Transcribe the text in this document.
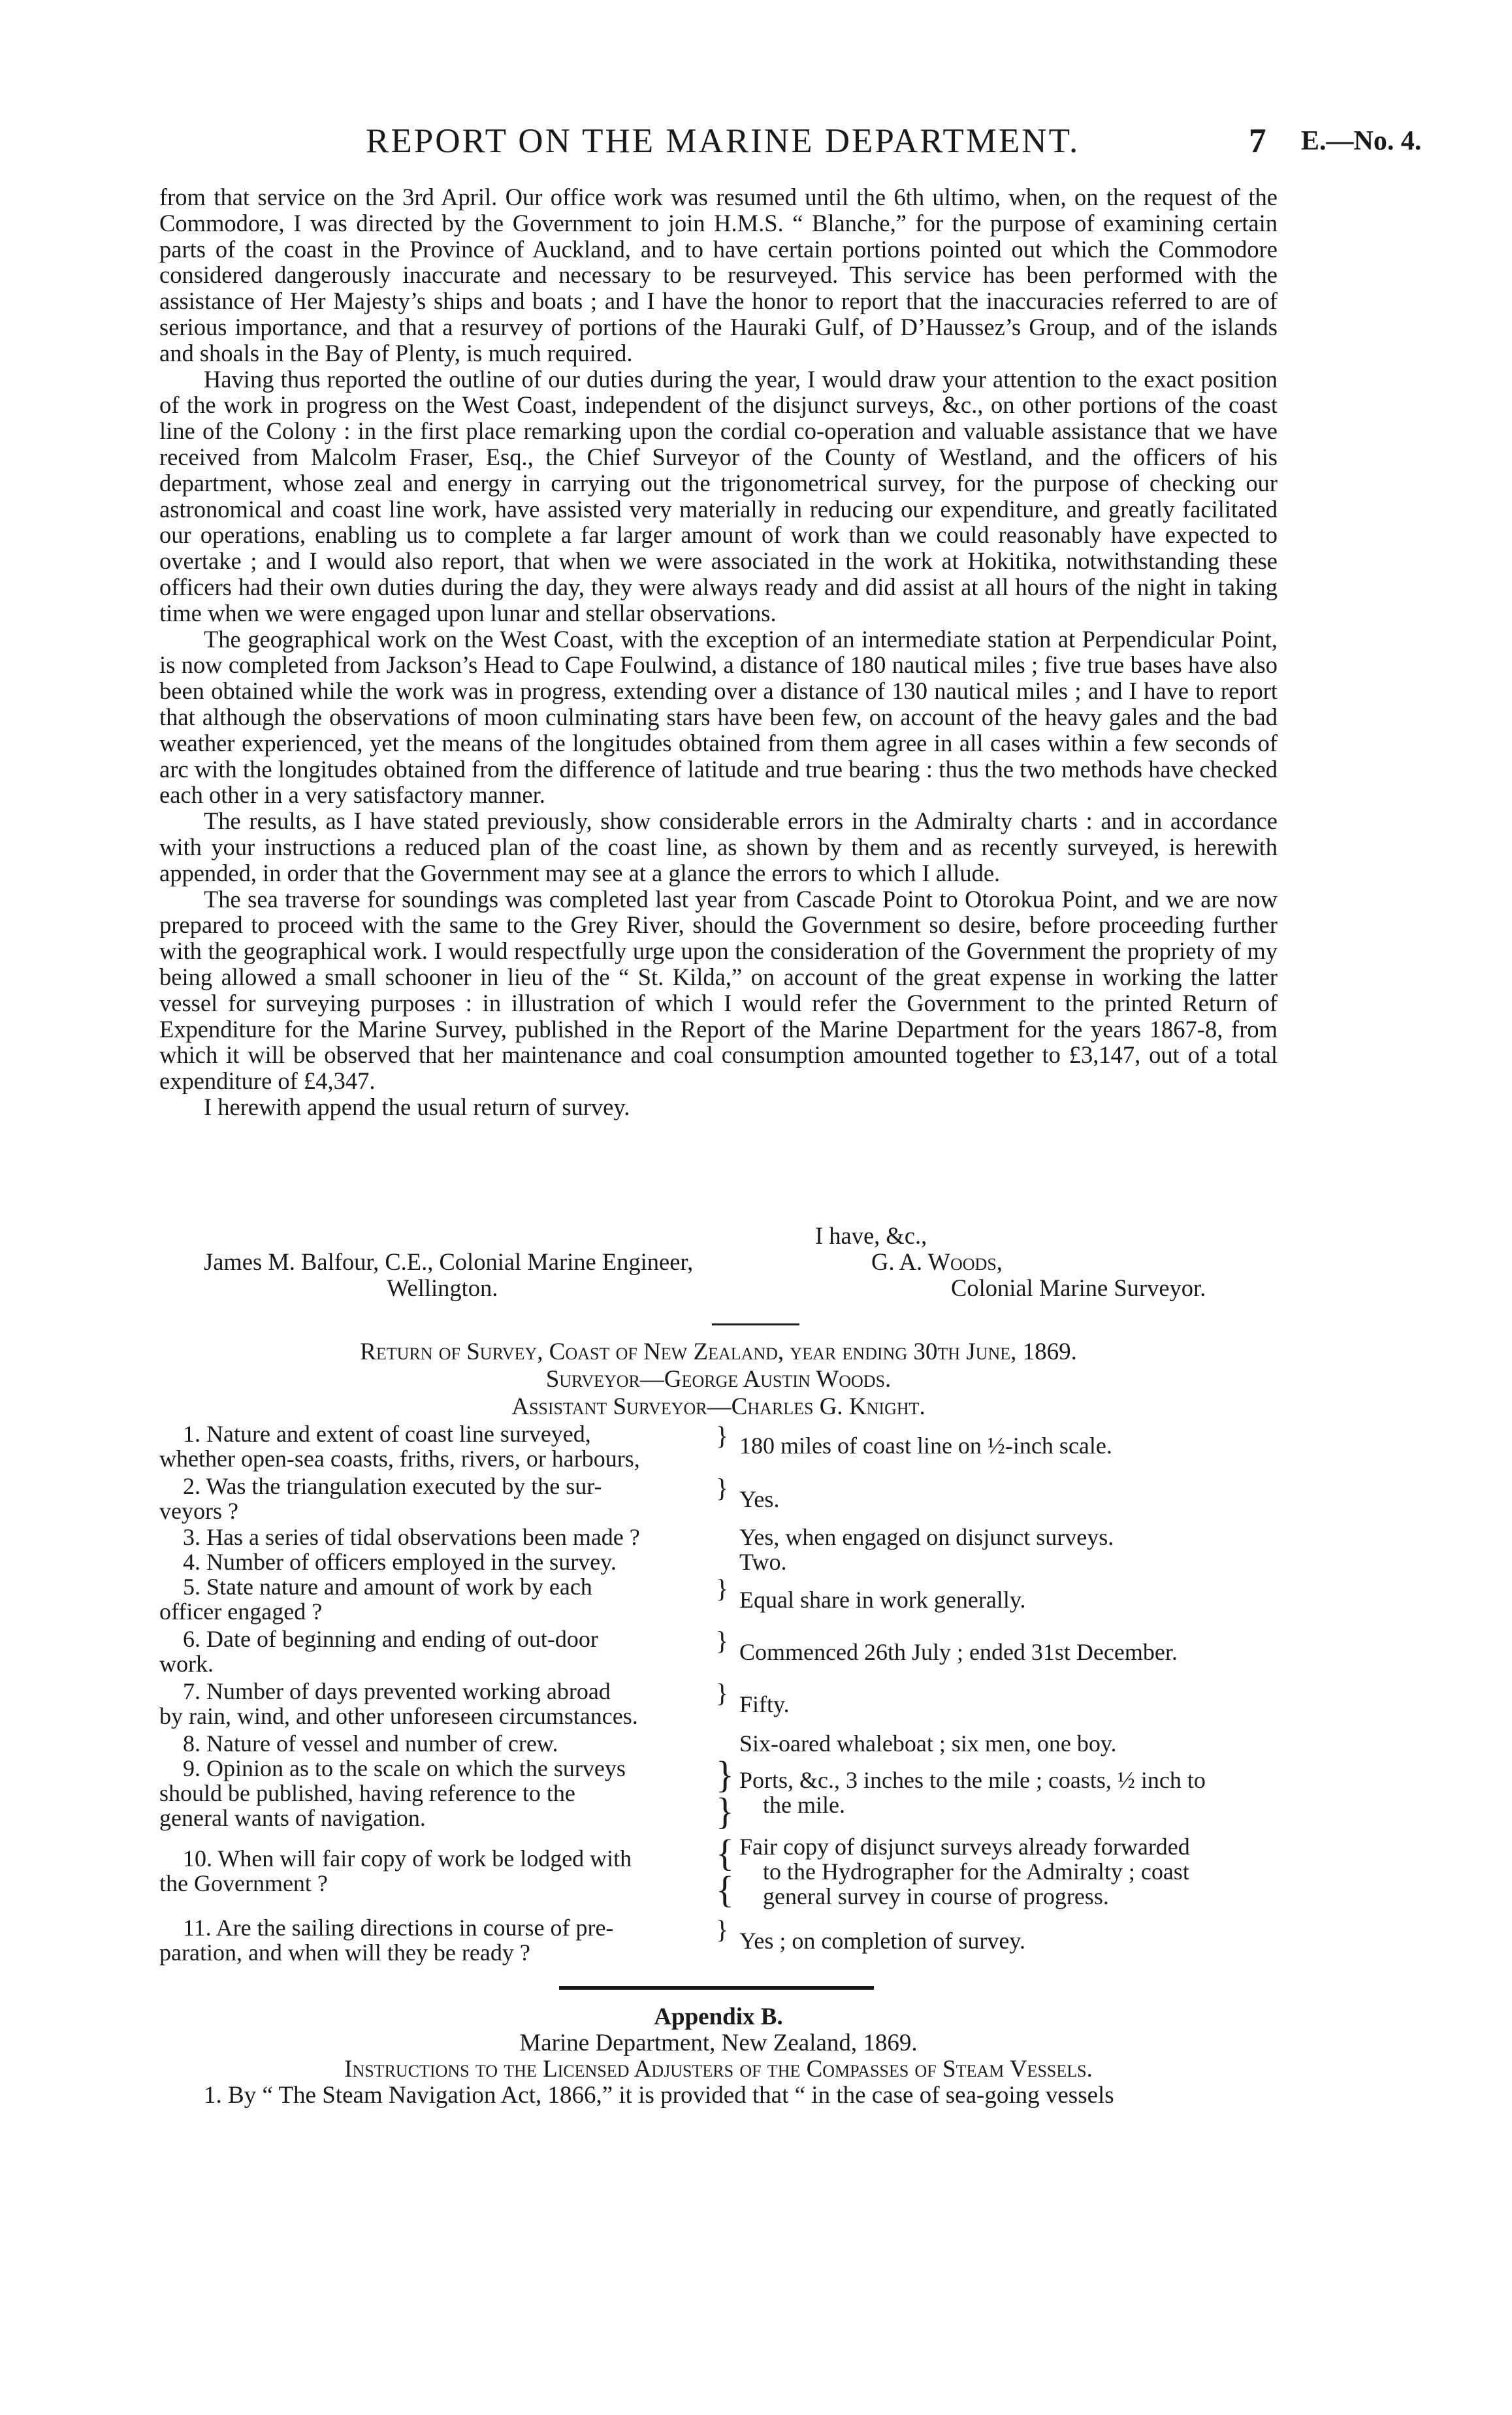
REPORT ON THE MARINE DEPARTMENT.	7 E.—No. 4.

from that service on the 3rd April. Our office work was resumed until the 6th ultimo, when, on the request of the Commodore, I was directed by the Government to join H.M.S. “ Blanche,” for the purpose of examining certain parts of the coast in the Province of Auckland, and to have certain portions pointed out which the Commodore considered dangerously inaccurate and necessary to be resurveyed. This service has been performed with the assistance of Her Majesty’s ships and boats ; and I have the honor to report that the inaccuracies referred to are of serious importance, and that a resurvey of portions of the Hauraki Gulf, of D’Haussez’s Group, and of the islands and shoals in the Bay of Plenty, is much required.

Having thus reported the outline of our duties during the year, I would draw your attention to the exact position of the work in progress on the West Coast, independent of the disjunct surveys, &c., on other portions of the coast line of the Colony : in the first place remarking upon the cordial co-operation and valuable assistance that we have received from Malcolm Fraser, Esq., the Chief Surveyor of the County of Westland, and the officers of his department, whose zeal and energy in carrying out the trigonometrical survey, for the purpose of checking our astronomical and coast line work, have assisted very materially in reducing our expenditure, and greatly facilitated our operations, enabling us to complete a far larger amount of work than we could reasonably have expected to overtake ; and I would also report, that when we were associated in the work at Hokitika, notwithstanding these officers had their own duties during the day, they were always ready and did assist at all hours of the night in taking time when we were engaged upon lunar and stellar observations.

The geographical work on the West Coast, with the exception of an intermediate station at Perpendicular Point, is now completed from Jackson’s Head to Cape Foulwind, a distance of 180 nautical miles ; five true bases have also been obtained while the work was in progress, extending over a distance of 130 nautical miles ; and I have to report that although the observations of moon culminating stars have been few, on account of the heavy gales and the bad weather experienced, yet the means of the longitudes obtained from them agree in all cases within a few seconds of arc with the longitudes obtained from the difference of latitude and true bearing : thus the two methods have checked each other in a very satisfactory manner.

The results, as I have stated previously, show considerable errors in the Admiralty charts : and in accordance with your instructions a reduced plan of the coast line, as shown by them and as recently surveyed, is herewith appended, in order that the Government may see at a glance the errors to which I allude.

The sea traverse for soundings was completed last year from Cascade Point to Otorokua Point, and we are now prepared to proceed with the same to the Grey River, should the Government so desire, before proceeding further with the geographical work. I would respectfully urge upon the consideration of the Government the propriety of my being allowed a small schooner in lieu of the “ St. Kilda,” on account of the great expense in working the latter vessel for surveying purposes : in illustration of which I would refer the Government to the printed Return of Expenditure for the Marine Survey, published in the Report of the Marine Department for the years 1867-8, from which it will be observed that her maintenance and coal consumption amounted together to £3,147, out of a total expenditure of £4,347.

I herewith append the usual return of survey.

I have, &c.,
James M. Balfour, C.E., Colonial Marine Engineer,
Wellington.
G. A. Woods,
Colonial Marine Surveyor.
Return of Survey, Coast of New Zealand, year ending 30th June, 1869.
Surveyor—George Austin Woods.
Assistant Surveyor—Charles G. Knight.
1. Nature and extent of coast line surveyed,
whether open-sea coasts, friths, rivers, or harbours,
} 180 miles of coast line on ½-inch scale.
2. Was the triangulation executed by the sur-
veyors ?
} Yes.
3. Has a series of tidal observations been made ?	Yes, when engaged on disjunct surveys.
4. Number of officers employed in the survey.	Two.
5. State nature and amount of work by each
officer engaged ?
} Equal share in work generally.
6. Date of beginning and ending of out-door
work.
} Commenced 26th July ; ended 31st December.
7. Number of days prevented working abroad
by rain, wind, and other unforeseen circumstances.
} Fifty.
8. Nature of vessel and number of crew.	Six-oared whaleboat ; six men, one boy.
9. Opinion as to the scale on which the surveys
should be published, having reference to the
general wants of navigation.
}
}
Ports, &c., 3 inches to the mile ; coasts, ½ inch to
the mile.
10. When will fair copy of work be lodged with
the Government ?
{
{
Fair copy of disjunct surveys already forwarded
to the Hydrographer for the Admiralty ; coast
general survey in course of progress.
11. Are the sailing directions in course of pre-
paration, and when will they be ready ?
} Yes ; on completion of survey.
Appendix B.
Marine Department, New Zealand, 1869.
Instructions to the Licensed Adjusters of the Compasses of Steam Vessels.
1. By “ The Steam Navigation Act, 1866,” it is provided that “ in the case of sea-going vessels
